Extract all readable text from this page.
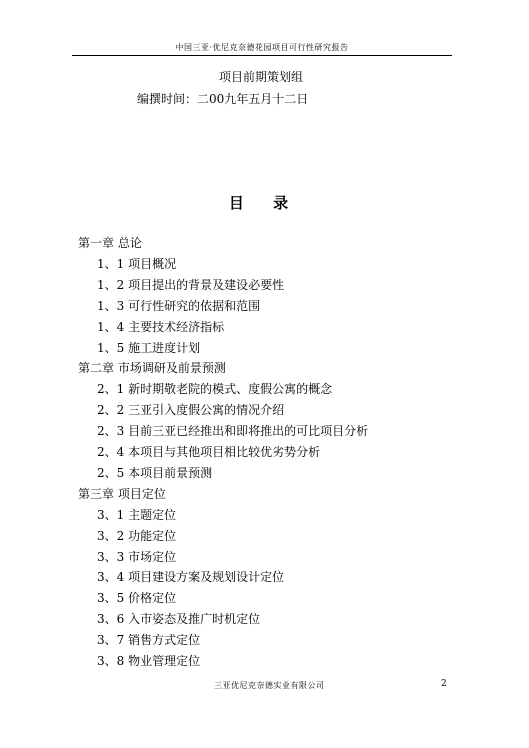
中国三亚·优尼克奈德花园项目可行性研究报告
项目前期策划组
编撰时间：二00九年五月十二日
目 录
第一章 总论
1、1 项目概况
1、2 项目提出的背景及建设必要性
1、3 可行性研究的依据和范围
1、4 主要技术经济指标
1、5 施工进度计划
第二章 市场调研及前景预测
2、1 新时期敬老院的模式、度假公寓的概念
2、2 三亚引入度假公寓的情况介绍
2、3 目前三亚已经推出和即将推出的可比项目分析
2、4 本项目与其他项目相比较优劣势分析
2、5 本项目前景预测
第三章 项目定位
3、1 主题定位
3、2 功能定位
3、3 市场定位
3、4 项目建设方案及规划设计定位
3、5 价格定位
3、6 入市姿态及推广时机定位
3、7 销售方式定位
3、8 物业管理定位
三亚优尼克奈德实业有限公司	2
